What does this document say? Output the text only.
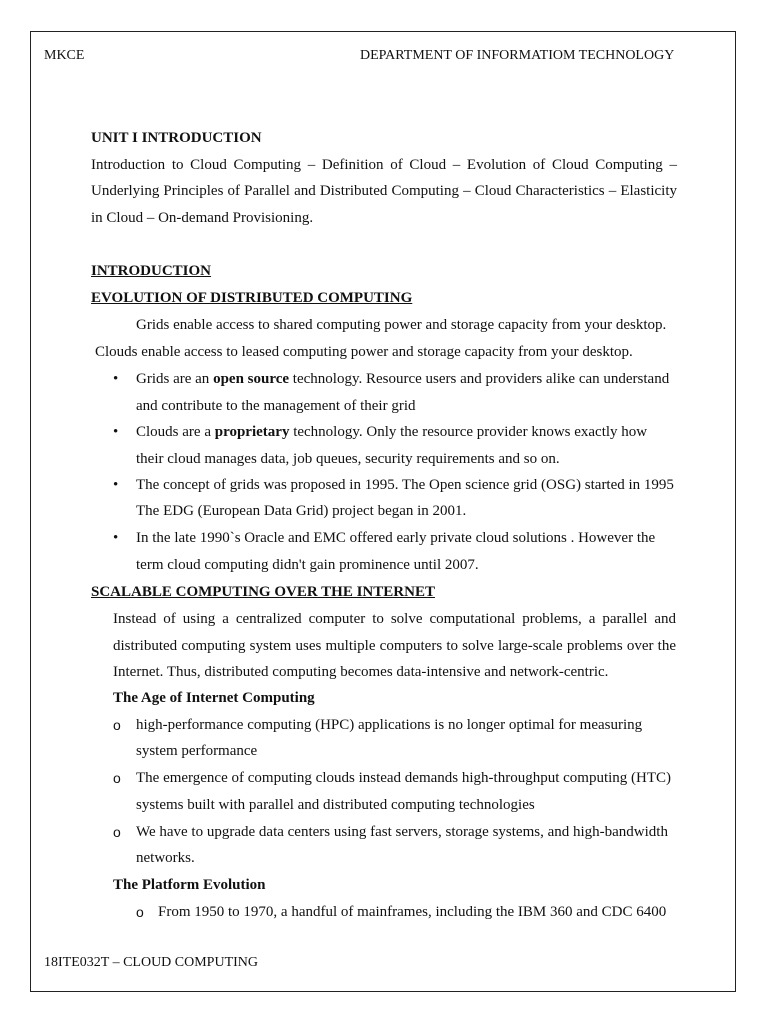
MKCE	DEPARTMENT OF INFORMATIOM TECHNOLOGY
UNIT I INTRODUCTION
Introduction to Cloud Computing – Definition of Cloud – Evolution of Cloud Computing –
Underlying Principles of Parallel and Distributed Computing – Cloud Characteristics – Elasticity
in Cloud – On-demand Provisioning.
INTRODUCTION
EVOLUTION OF DISTRIBUTED COMPUTING
Grids enable access to shared computing power and storage capacity from your desktop.
Clouds enable access to leased computing power and storage capacity from your desktop.
• Grids are an open source technology. Resource users and providers alike can understand
and contribute to the management of their grid
• Clouds are a proprietary technology. Only the resource provider knows exactly how
their cloud manages data, job queues, security requirements and so on.
• The concept of grids was proposed in 1995. The Open science grid (OSG) started in 1995
The EDG (European Data Grid) project began in 2001.
• In the late 1990`s Oracle and EMC offered early private cloud solutions . However the
term cloud computing didn't gain prominence until 2007.
SCALABLE COMPUTING OVER THE INTERNET
Instead of using a centralized computer to solve computational problems, a parallel and
distributed computing system uses multiple computers to solve large-scale problems over the
Internet. Thus, distributed computing becomes data-intensive and network-centric.
The Age of Internet Computing
o high-performance computing (HPC) applications is no longer optimal for measuring
system performance
o The emergence of computing clouds instead demands high-throughput computing (HTC)
systems built with parallel and distributed computing technologies
o We have to upgrade data centers using fast servers, storage systems, and high-bandwidth
networks.
The Platform Evolution
o From 1950 to 1970, a handful of mainframes, including the IBM 360 and CDC 6400
18ITE032T – CLOUD COMPUTING
